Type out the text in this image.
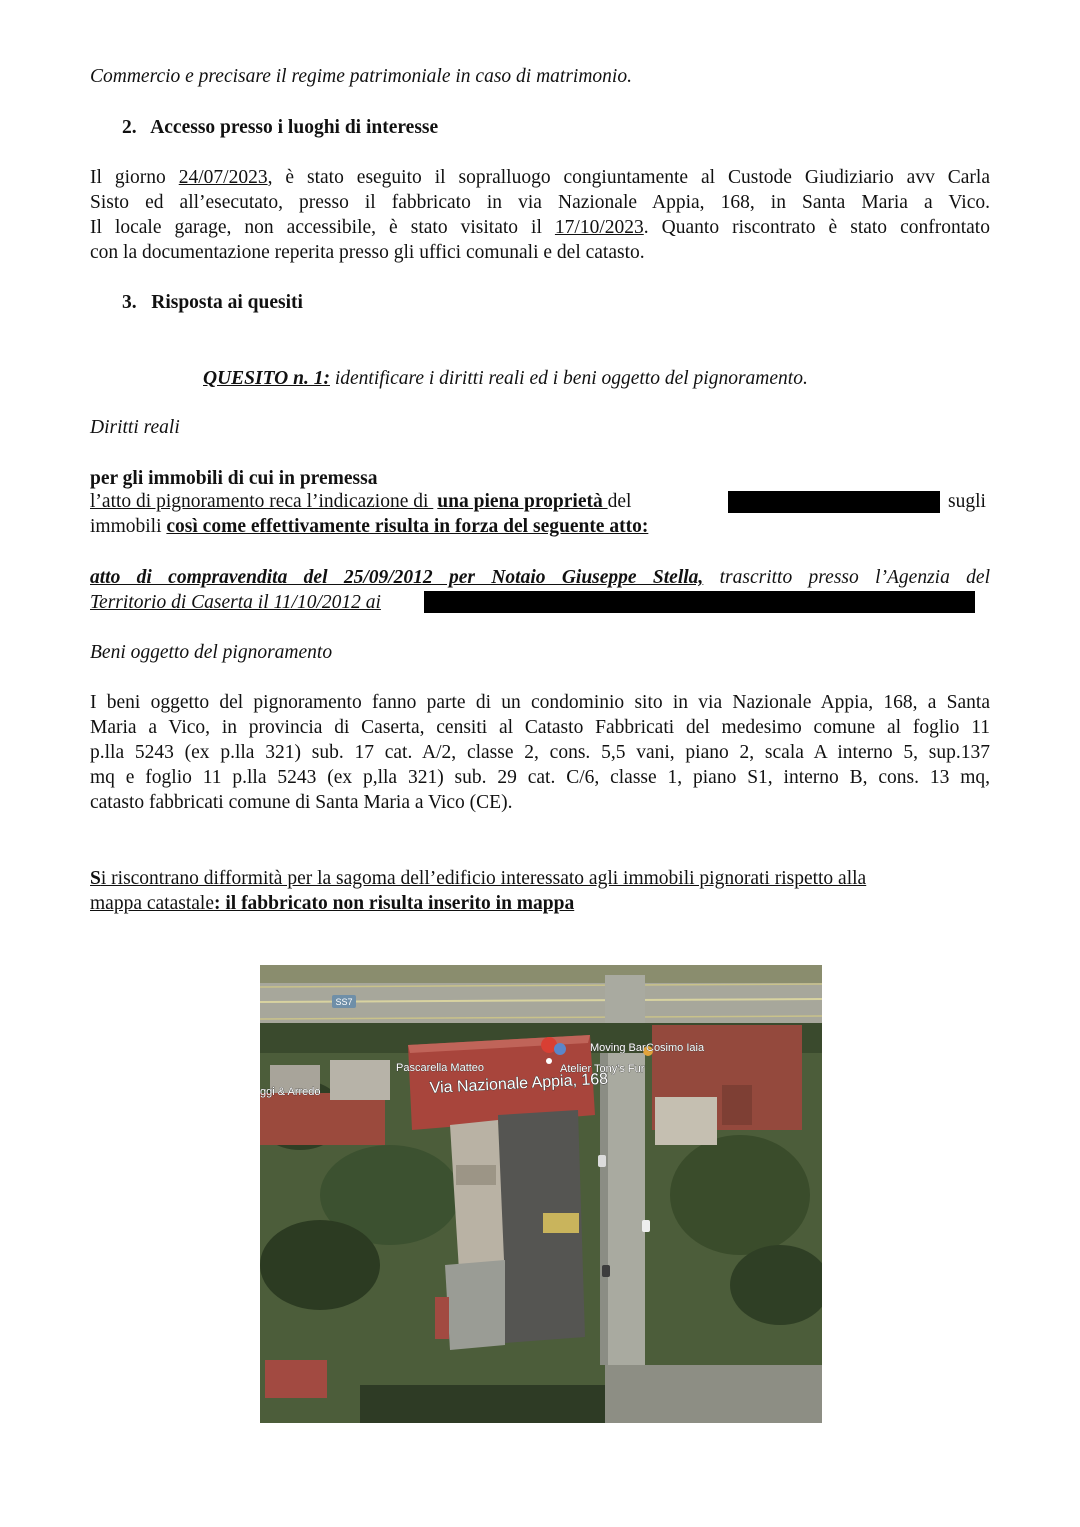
Commercio e precisare il regime patrimoniale in caso di matrimonio.

2. Accesso presso i luoghi di interesse

Il giorno 24/07/2023, è stato eseguito il sopralluogo congiuntamente al Custode Giudiziario avv Carla

Sisto ed all’esecutato, presso il fabbricato in via Nazionale Appia, 168, in Santa Maria a Vico.

Il locale garage, non accessibile, è stato visitato il 17/10/2023. Quanto riscontrato è stato confrontato

con la documentazione reperita presso gli uffici comunali e del catasto.

3. Risposta ai quesiti

QUESITO n. 1: identificare i diritti reali ed i beni oggetto del pignoramento.

Diritti reali

per gli immobili di cui in premessa

l’atto di pignoramento reca l’indicazione di una piena proprietà del	sugli

immobili così come effettivamente risulta in forza del seguente atto:

atto di compravendita del 25/09/2012 per Notaio Giuseppe Stella, trascritto presso l’Agenzia del

Territorio di Caserta il 11/10/2012 ai

Beni oggetto del pignoramento

I beni oggetto del pignoramento fanno parte di un condominio sito in via Nazionale Appia, 168, a Santa

Maria a Vico, in provincia di Caserta, censiti al Catasto Fabbricati del medesimo comune al foglio 11

p.lla 5243 (ex p.lla 321) sub. 17 cat. A/2, classe 2, cons. 5,5 vani, piano 2, scala A interno 5, sup.137

mq e foglio 11 p.lla 5243 (ex p,lla 321) sub. 29 cat. C/6, classe 1, piano S1, interno B, cons. 13 mq,

catasto fabbricati comune di Santa Maria a Vico (CE).

Si riscontrano difformità per la sagoma dell’edificio interessato agli immobili pignorati rispetto alla

mappa catastale: il fabbricato non risulta inserito in mappa

SS7
Moving Bar Cosimo Iaia
Pascarella Matteo	Atelier Tony's Fur
Via Nazionale Appia, 168
ggi & Arredo
